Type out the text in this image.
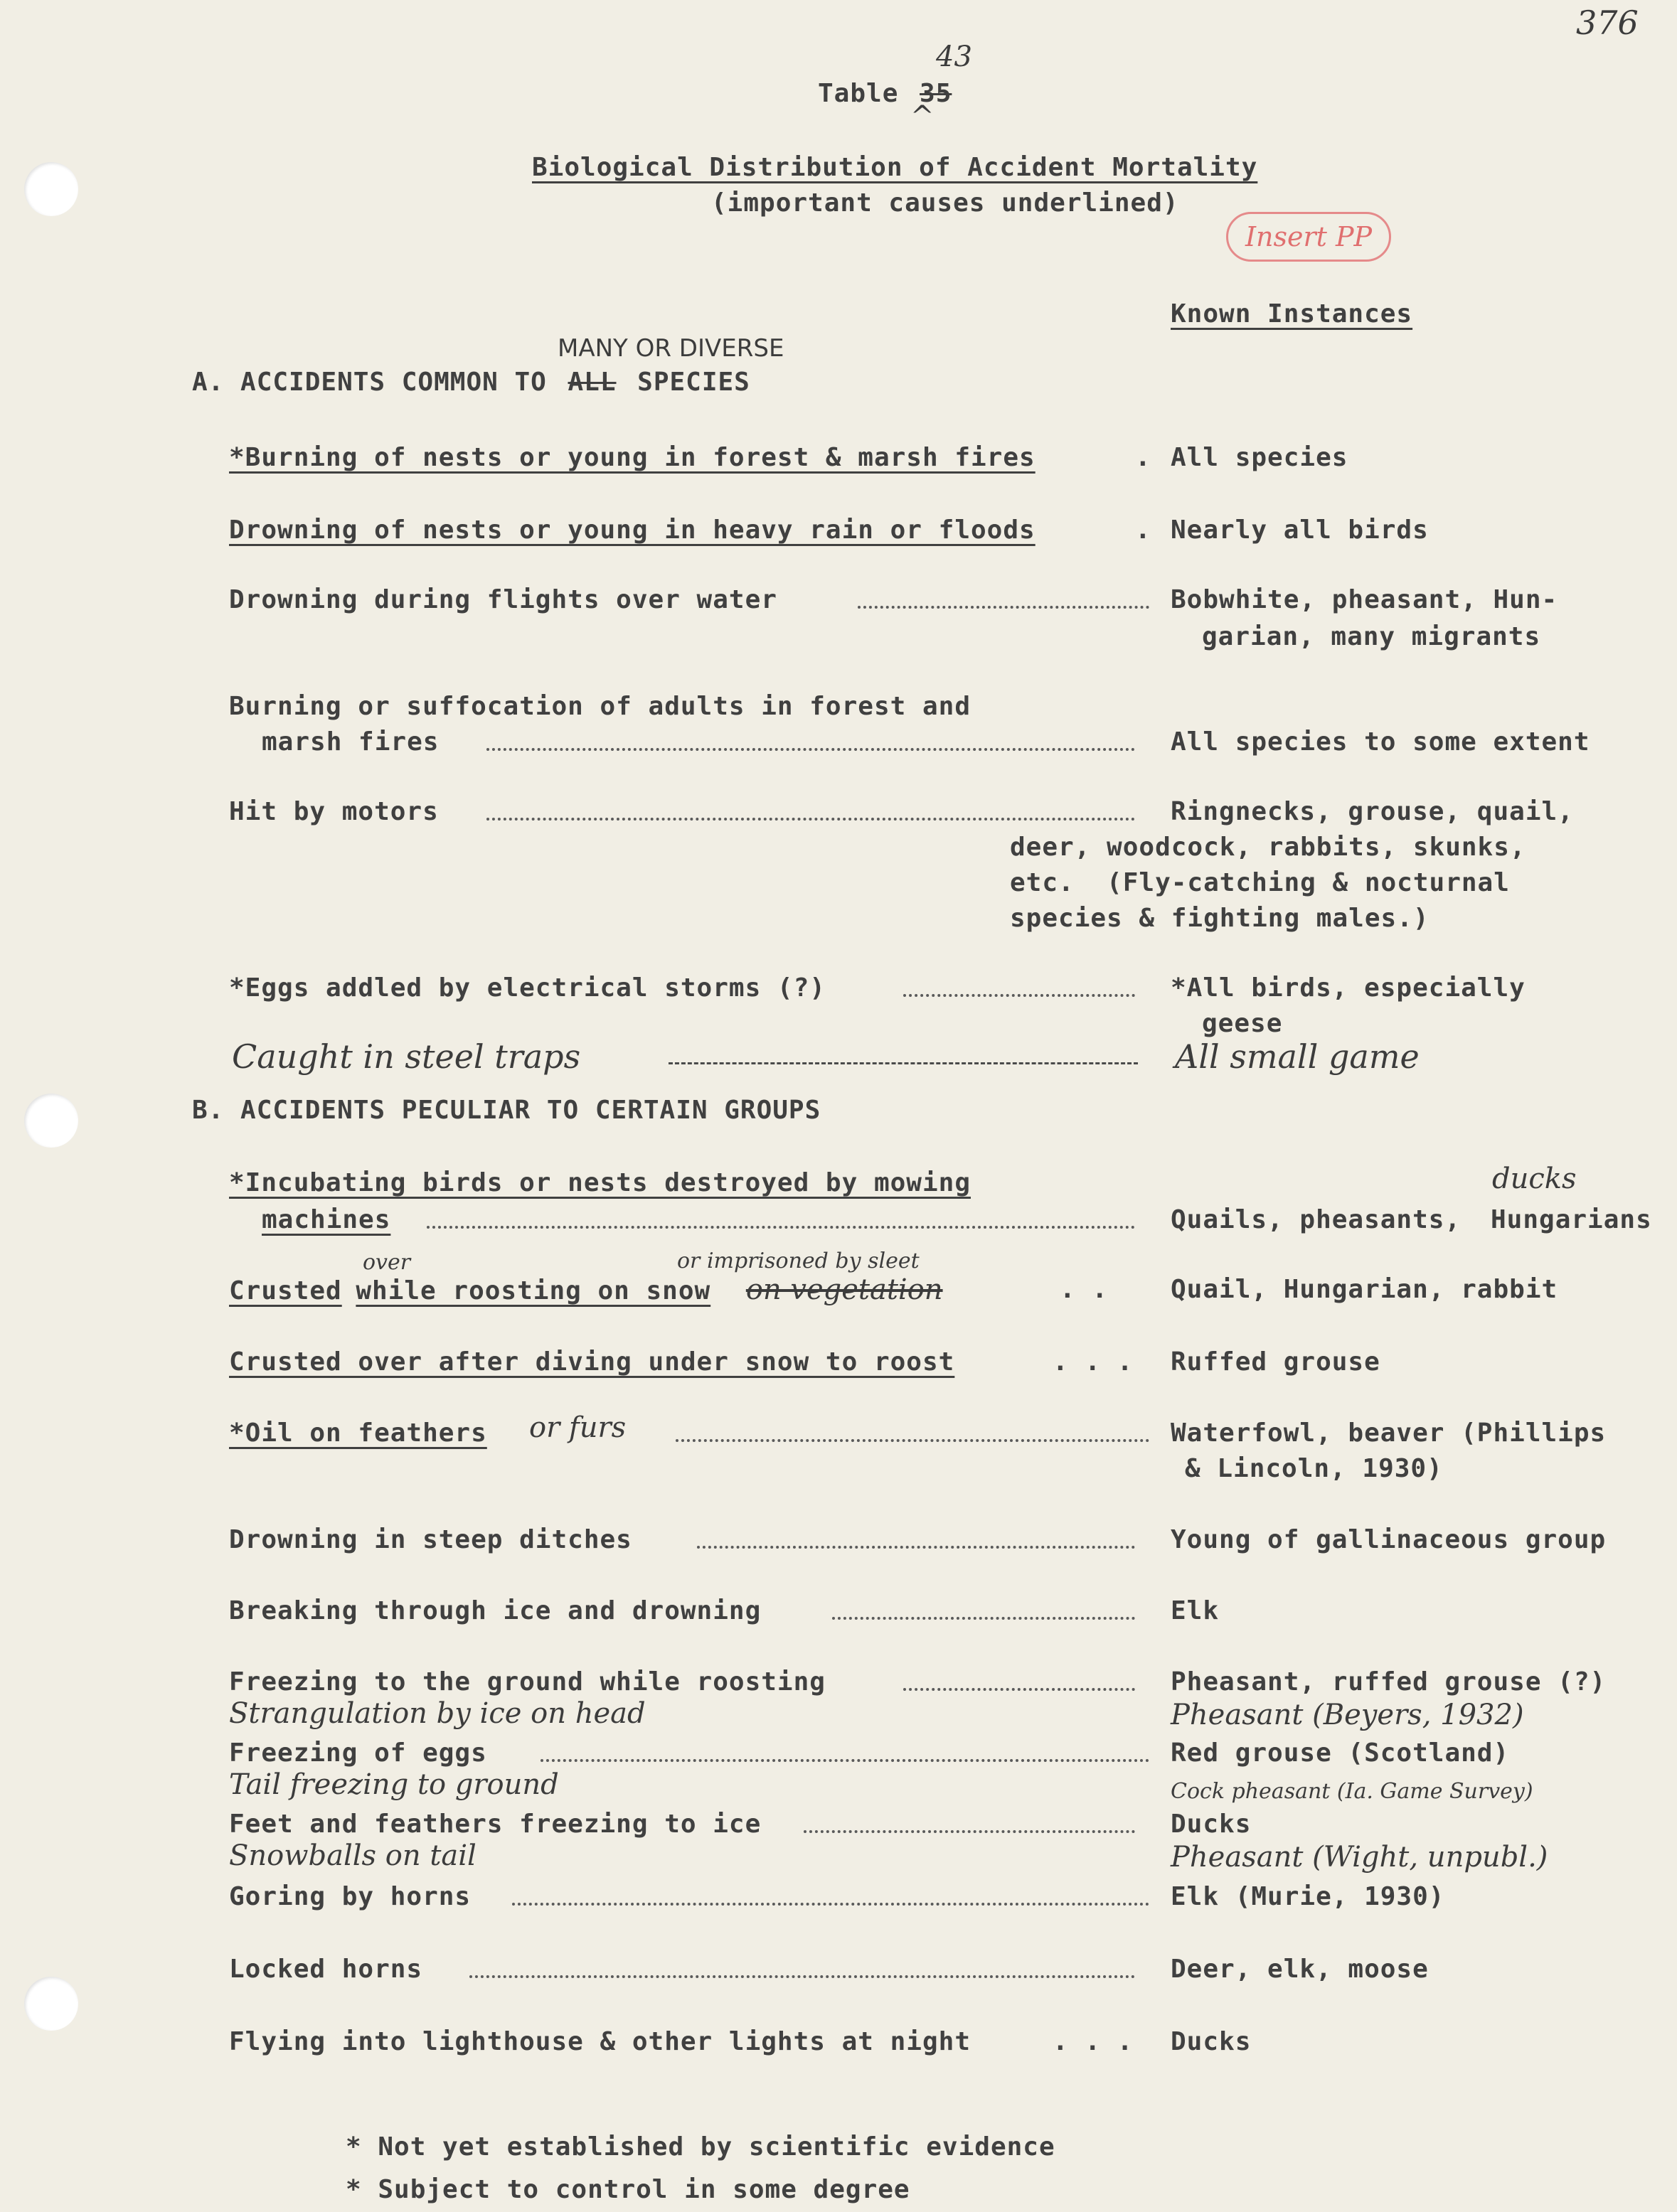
376
Table 35
43
^
Biological Distribution of Accident Mortality
(important causes underlined)
Insert PP
Known Instances
MANY OR DIVERSE
A. ACCIDENTS COMMON TO ALL SPECIES
*Burning of nests or young in forest & marsh fires	. All species
Drowning of nests or young in heavy rain or floods	. Nearly all birds
Drowning during flights over water	Bobwhite, pheasant, Hun-
garian, many migrants
Burning or suffocation of adults in forest and
marsh fires	All species to some extent
Hit by motors	Ringnecks, grouse, quail,
deer, woodcock, rabbits, skunks,
etc.  (Fly-catching & nocturnal
species & fighting males.)
*Eggs addled by electrical storms (?)	*All birds, especially
geese
Caught in steel traps	All small game
B. ACCIDENTS PECULIAR TO CERTAIN GROUPS
*Incubating birds or nests destroyed by mowing
machines	Quails, pheasants,
ducks
Hungarians
over	or imprisoned by sleet
Crusted while roosting on snow on vegetation	. . Quail, Hungarian, rabbit
Crusted over after diving under snow to roost	. . . Ruffed grouse
*Oil on feathers or furs	Waterfowl, beaver (Phillips
& Lincoln, 1930)
Drowning in steep ditches	Young of gallinaceous group
Breaking through ice and drowning	Elk
Freezing to the ground while roosting	Pheasant, ruffed grouse (?)
Strangulation by ice on head	Pheasant (Beyers, 1932)
Freezing of eggs	Red grouse (Scotland)
Tail freezing to ground	Cock pheasant (Ia. Game Survey)
Feet and feathers freezing to ice	Ducks
Snowballs on tail	Pheasant (Wight, unpubl.)
Goring by horns	Elk (Murie, 1930)
Locked horns	Deer, elk, moose
Flying into lighthouse & other lights at night	. . . Ducks
* Not yet established by scientific evidence
* Subject to control in some degree
